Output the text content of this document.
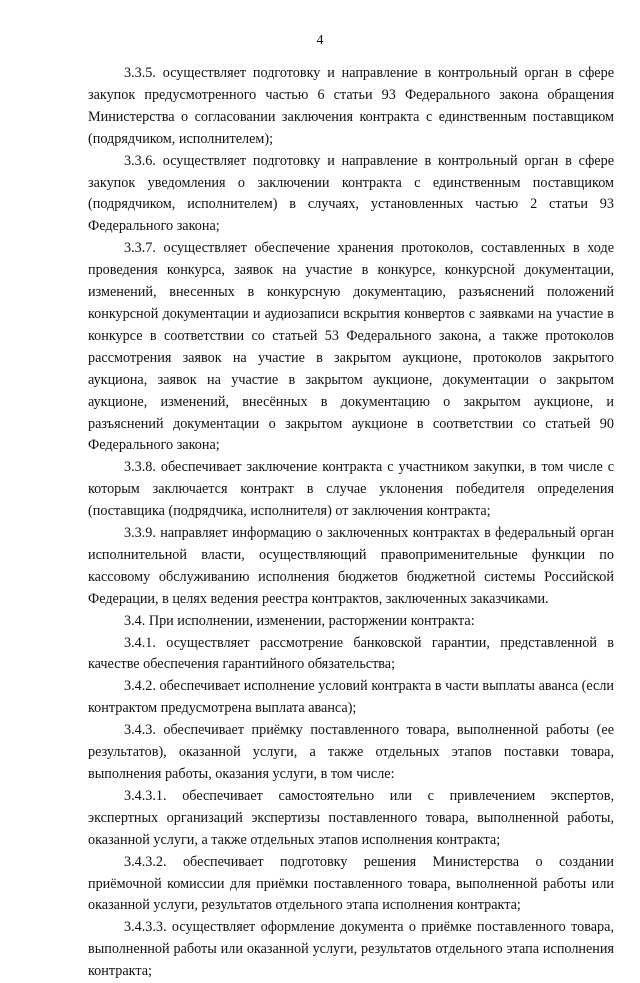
4

3.3.5. осуществляет подготовку и направление в контрольный орган в сфере закупок предусмотренного частью 6 статьи 93 Федерального закона обращения Министерства о согласовании заключения контракта с единственным поставщиком (подрядчиком, исполнителем);

3.3.6. осуществляет подготовку и направление в контрольный орган в сфере закупок уведомления о заключении контракта с единственным поставщиком (подрядчиком, исполнителем) в случаях, установленных частью 2 статьи 93 Федерального закона;

3.3.7. осуществляет обеспечение хранения протоколов, составленных в ходе проведения конкурса, заявок на участие в конкурсе, конкурсной документации, изменений, внесенных в конкурсную документацию, разъяснений положений конкурсной документации и аудиозаписи вскрытия конвертов с заявками на участие в конкурсе в соответствии со статьей 53 Федерального закона, а также протоколов рассмотрения заявок на участие в закрытом аукционе, протоколов закрытого аукциона, заявок на участие в закрытом аукционе, документации о закрытом аукционе, изменений, внесённых в документацию о закрытом аукционе, и разъяснений документации о закрытом аукционе в соответствии со статьей 90 Федерального закона;

3.3.8. обеспечивает заключение контракта с участником закупки, в том числе с которым заключается контракт в случае уклонения победителя определения (поставщика (подрядчика, исполнителя) от заключения контракта;

3.3.9. направляет информацию о заключенных контрактах в федеральный орган исполнительной власти, осуществляющий правоприменительные функции по кассовому обслуживанию исполнения бюджетов бюджетной системы Российской Федерации, в целях ведения реестра контрактов, заключенных заказчиками.

3.4. При исполнении, изменении, расторжении контракта:

3.4.1. осуществляет рассмотрение банковской гарантии, представленной в качестве обеспечения гарантийного обязательства;

3.4.2. обеспечивает исполнение условий контракта в части выплаты аванса (если контрактом предусмотрена выплата аванса);

3.4.3. обеспечивает приёмку поставленного товара, выполненной работы (ее результатов), оказанной услуги, а также отдельных этапов поставки товара, выполнения работы, оказания услуги, в том числе:

3.4.3.1. обеспечивает самостоятельно или с привлечением экспертов, экспертных организаций экспертизы поставленного товара, выполненной работы, оказанной услуги, а также отдельных этапов исполнения контракта;

3.4.3.2. обеспечивает подготовку решения Министерства о создании приёмочной комиссии для приёмки поставленного товара, выполненной работы или оказанной услуги, результатов отдельного этапа исполнения контракта;

3.4.3.3. осуществляет оформление документа о приёмке поставленного товара, выполненной работы или оказанной услуги, результатов отдельного этапа исполнения контракта;
